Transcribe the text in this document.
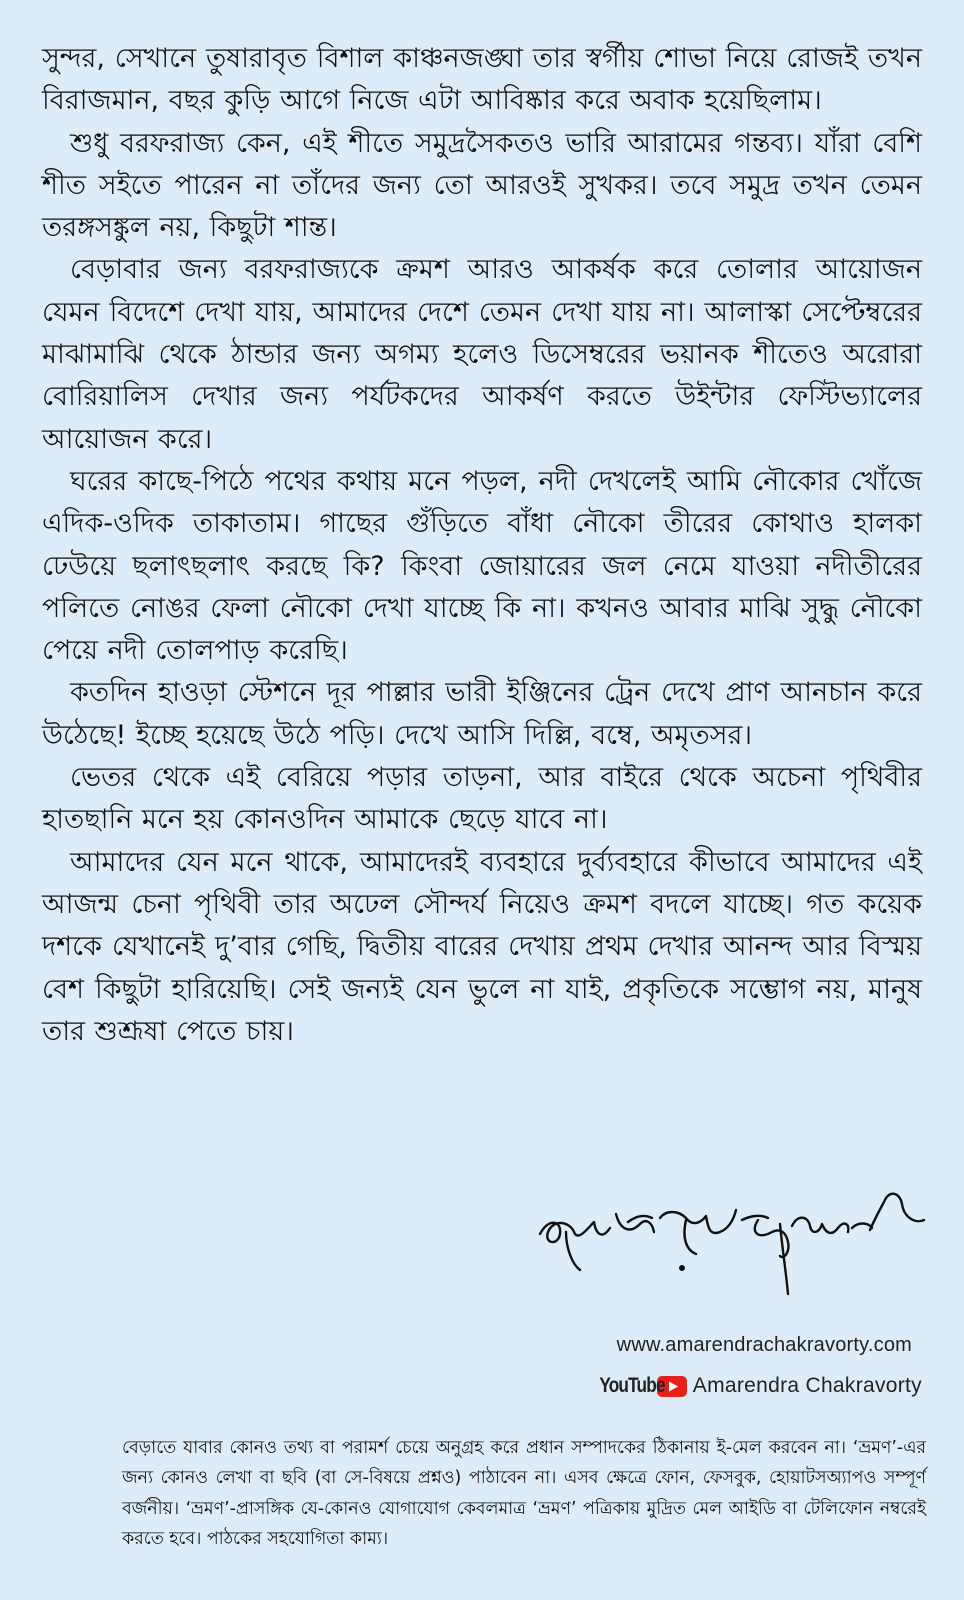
সুন্দর, সেখানে তুষারাবৃত বিশাল কাঞ্চনজঙ্ঘা তার স্বর্গীয় শোভা নিয়ে রোজই তখন বিরাজমান, বছর কুড়ি আগে নিজে এটা আবিষ্কার করে অবাক হয়েছিলাম।

শুধু বরফরাজ্য কেন, এই শীতে সমুদ্রসৈকতও ভারি আরামের গন্তব্য। যাঁরা বেশি শীত সইতে পারেন না তাঁদের জন্য তো আরওই সুখকর। তবে সমুদ্র তখন তেমন তরঙ্গসঙ্কুল নয়, কিছুটা শান্ত।

বেড়াবার জন্য বরফরাজ্যকে ক্রমশ আরও আকর্ষক করে তোলার আয়োজন যেমন বিদেশে দেখা যায়, আমাদের দেশে তেমন দেখা যায় না। আলাস্কা সেপ্টেম্বরের মাঝামাঝি থেকে ঠান্ডার জন্য অগম্য হলেও ডিসেম্বরের ভয়ানক শীতেও অরোরা বোরিয়ালিস দেখার জন্য পর্যটকদের আকর্ষণ করতে উইন্টার ফেস্টিভ্যালের আয়োজন করে।

ঘরের কাছে-পিঠে পথের কথায় মনে পড়ল, নদী দেখলেই আমি নৌকোর খোঁজে এদিক-ওদিক তাকাতাম। গাছের গুঁড়িতে বাঁধা নৌকো তীরের কোথাও হালকা ঢেউয়ে ছলাৎছলাৎ করছে কি? কিংবা জোয়ারের জল নেমে যাওয়া নদীতীরের পলিতে নোঙর ফেলা নৌকো দেখা যাচ্ছে কি না। কখনও আবার মাঝি সুদ্ধু নৌকো পেয়ে নদী তোলপাড় করেছি।

কতদিন হাওড়া স্টেশনে দূর পাল্লার ভারী ইঞ্জিনের ট্রেন দেখে প্রাণ আনচান করে উঠেছে! ইচ্ছে হয়েছে উঠে পড়ি। দেখে আসি দিল্লি, বম্বে, অমৃতসর।

ভেতর থেকে এই বেরিয়ে পড়ার তাড়না, আর বাইরে থেকে অচেনা পৃথিবীর হাতছানি মনে হয় কোনওদিন আমাকে ছেড়ে যাবে না।

আমাদের যেন মনে থাকে, আমাদেরই ব্যবহারে দুর্ব্যবহারে কীভাবে আমাদের এই আজন্ম চেনা পৃথিবী তার অঢেল সৌন্দর্য নিয়েও ক্রমশ বদলে যাচ্ছে। গত কয়েক দশকে যেখানেই দু’বার গেছি, দ্বিতীয় বারের দেখায় প্রথম দেখার আনন্দ আর বিস্ময় বেশ কিছুটা হারিয়েছি। সেই জন্যই যেন ভুলে না যাই, প্রকৃতিকে সম্ভোগ নয়, মানুষ তার শুশ্রূষা পেতে চায়।

www.amarendrachakravorty.com
YouTube Amarendra Chakravorty

বেড়াতে যাবার কোনও তথ্য বা পরামর্শ চেয়ে অনুগ্রহ করে প্রধান সম্পাদকের ঠিকানায় ই-মেল করবেন না। ‘ভ্রমণ’-এর জন্য কোনও লেখা বা ছবি (বা সে-বিষয়ে প্রশ্নও) পাঠাবেন না। এসব ক্ষেত্রে ফোন, ফেসবুক, হোয়াটসঅ্যাপও সম্পূর্ণ বর্জনীয়। ‘ভ্রমণ’-প্রাসঙ্গিক যে-কোনও যোগাযোগ কেবলমাত্র ‘ভ্রমণ’ পত্রিকায় মুদ্রিত মেল আইডি বা টেলিফোন নম্বরেই করতে হবে। পাঠকের সহযোগিতা কাম্য।
